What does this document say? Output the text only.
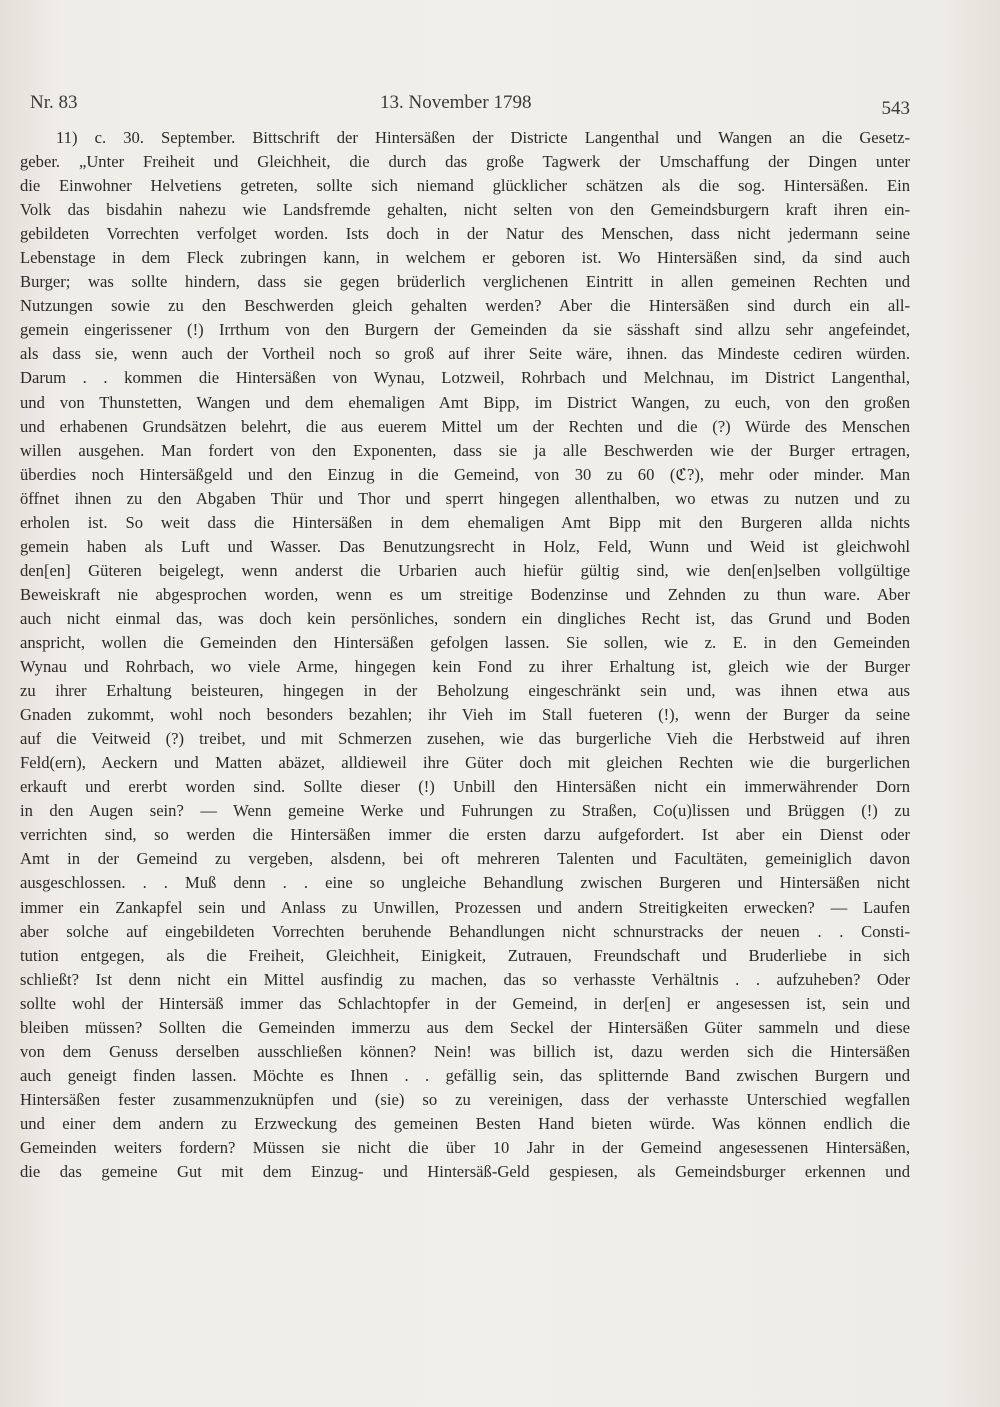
Nr. 83	13. November 1798	543
11) c. 30. September. Bittschrift der Hintersäßen der Districte Langenthal und Wangen an die Gesetz-
geber. „Unter Freiheit und Gleichheit, die durch das große Tagwerk der Umschaffung der Dingen unter
die Einwohner Helvetiens getreten, sollte sich niemand glücklicher schätzen als die sog. Hintersäßen. Ein
Volk das bisdahin nahezu wie Landsfremde gehalten, nicht selten von den Gemeindsburgern kraft ihren ein-
gebildeten Vorrechten verfolget worden. Ists doch in der Natur des Menschen, dass nicht jedermann seine
Lebenstage in dem Fleck zubringen kann, in welchem er geboren ist. Wo Hintersäßen sind, da sind auch
Burger; was sollte hindern, dass sie gegen brüderlich verglichenen Eintritt in allen gemeinen Rechten und
Nutzungen sowie zu den Beschwerden gleich gehalten werden? Aber die Hintersäßen sind durch ein all-
gemein eingerissener (!) Irrthum von den Burgern der Gemeinden da sie sässhaft sind allzu sehr angefeindet,
als dass sie, wenn auch der Vortheil noch so groß auf ihrer Seite wäre, ihnen. das Mindeste cediren würden.
Darum . . kommen die Hintersäßen von Wynau, Lotzweil, Rohrbach und Melchnau, im District Langenthal,
und von Thunstetten, Wangen und dem ehemaligen Amt Bipp, im District Wangen, zu euch, von den großen
und erhabenen Grundsätzen belehrt, die aus euerem Mittel um der Rechten und die (?) Würde des Menschen
willen ausgehen. Man fordert von den Exponenten, dass sie ja alle Beschwerden wie der Burger ertragen,
überdies noch Hintersäßgeld und den Einzug in die Gemeind, von 30 zu 60 (ℭ?), mehr oder minder. Man
öffnet ihnen zu den Abgaben Thür und Thor und sperrt hingegen allenthalben, wo etwas zu nutzen und zu
erholen ist. So weit dass die Hintersäßen in dem ehemaligen Amt Bipp mit den Burgeren allda nichts
gemein haben als Luft und Wasser. Das Benutzungsrecht in Holz, Feld, Wunn und Weid ist gleichwohl
den[en] Güteren beigelegt, wenn anderst die Urbarien auch hiefür gültig sind, wie den[en]selben vollgültige
Beweiskraft nie abgesprochen worden, wenn es um streitige Bodenzinse und Zehnden zu thun ware. Aber
auch nicht einmal das, was doch kein persönliches, sondern ein dingliches Recht ist, das Grund und Boden
anspricht, wollen die Gemeinden den Hintersäßen gefolgen lassen. Sie sollen, wie z. E. in den Gemeinden
Wynau und Rohrbach, wo viele Arme, hingegen kein Fond zu ihrer Erhaltung ist, gleich wie der Burger
zu ihrer Erhaltung beisteuren, hingegen in der Beholzung eingeschränkt sein und, was ihnen etwa aus
Gnaden zukommt, wohl noch besonders bezahlen; ihr Vieh im Stall fueteren (!), wenn der Burger da seine
auf die Veitweid (?) treibet, und mit Schmerzen zusehen, wie das burgerliche Vieh die Herbstweid auf ihren
Feld(ern), Aeckern und Matten abäzet, alldieweil ihre Güter doch mit gleichen Rechten wie die burgerlichen
erkauft und ererbt worden sind. Sollte dieser (!) Unbill den Hintersäßen nicht ein immerwährender Dorn
in den Augen sein? — Wenn gemeine Werke und Fuhrungen zu Straßen, Co(u)lissen und Brüggen (!) zu
verrichten sind, so werden die Hintersäßen immer die ersten darzu aufgefordert. Ist aber ein Dienst oder
Amt in der Gemeind zu vergeben, alsdenn, bei oft mehreren Talenten und Facultäten, gemeiniglich davon
ausgeschlossen. . . Muß denn . . eine so ungleiche Behandlung zwischen Burgeren und Hintersäßen nicht
immer ein Zankapfel sein und Anlass zu Unwillen, Prozessen und andern Streitigkeiten erwecken? — Laufen
aber solche auf eingebildeten Vorrechten beruhende Behandlungen nicht schnurstracks der neuen . . Consti-
tution entgegen, als die Freiheit, Gleichheit, Einigkeit, Zutrauen, Freundschaft und Bruderliebe in sich
schließt? Ist denn nicht ein Mittel ausfindig zu machen, das so verhasste Verhältnis . . aufzuheben? Oder
sollte wohl der Hintersäß immer das Schlachtopfer in der Gemeind, in der[en] er angesessen ist, sein und
bleiben müssen? Sollten die Gemeinden immerzu aus dem Seckel der Hintersäßen Güter sammeln und diese
von dem Genuss derselben ausschließen können? Nein! was billich ist, dazu werden sich die Hintersäßen
auch geneigt finden lassen. Möchte es Ihnen . . gefällig sein, das splitternde Band zwischen Burgern und
Hintersäßen fester zusammenzuknüpfen und (sie) so zu vereinigen, dass der verhasste Unterschied wegfallen
und einer dem andern zu Erzweckung des gemeinen Besten Hand bieten würde. Was können endlich die
Gemeinden weiters fordern? Müssen sie nicht die über 10 Jahr in der Gemeind angesessenen Hintersäßen,
die das gemeine Gut mit dem Einzug- und Hintersäß-Geld gespiesen, als Gemeindsburger erkennen und
